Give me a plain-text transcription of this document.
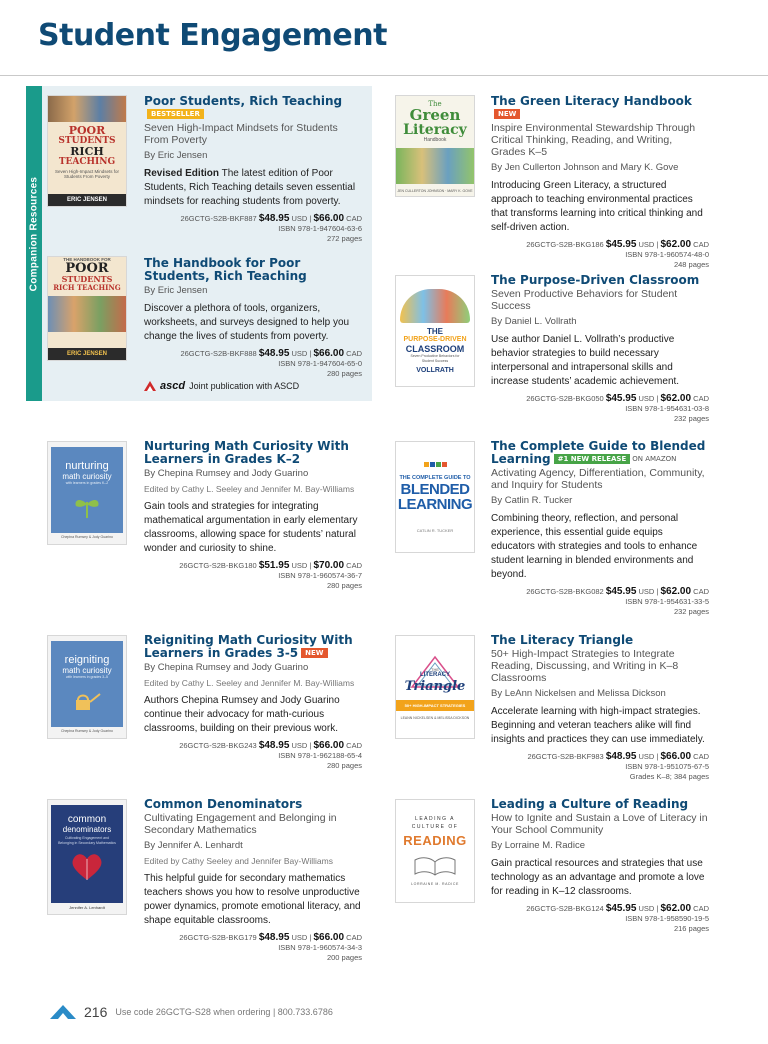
Student Engagement
Companion Resources
POOR
STUDENTS
RICH
TEACHING
Seven High-Impact Mindsets for Students From Poverty
ERIC JENSEN
Poor Students, Rich TeachingBESTSELLER
Seven High-Impact Mindsets for Students From Poverty
By Eric Jensen
Revised Edition The latest edition of Poor Students, Rich Teaching details seven essential mindsets for reaching students from poverty.
26GCTG-S2B-BKF887 $48.95 USD | $66.00 CAD
ISBN 978-1-947604-63-6
272 pages
THE HANDBOOK FOR
POOR
STUDENTS
RICH TEACHING
ERIC JENSEN
The Handbook for Poor Students, Rich Teaching
By Eric Jensen
Discover a plethora of tools, organizers, worksheets, and surveys designed to help you change the lives of students from poverty.
26GCTG-S2B-BKF888 $48.95 USD | $66.00 CAD
ISBN 978-1-947604-65-0
280 pages
ascd Joint publication with ASCD
The
Green
Literacy
Handbook
JEN CULLERTON JOHNSON · MARY K. GOVE
The Green Literacy HandbookNEW
Inspire Environmental Stewardship Through Critical Thinking, Reading, and Writing, Grades K–5
By Jen Cullerton Johnson and Mary K. Gove
Introducing Green Literacy, a structured approach to teaching environmental practices that transforms learning into critical thinking and self-driven action.
26GCTG-S2B-BKG186 $45.95 USD | $62.00 CAD
ISBN 978-1-960574-48-0
248 pages
THE
PURPOSE-DRIVEN
CLASSROOM
Seven Productive Behaviors for Student Success
VOLLRATH
The Purpose-Driven Classroom
Seven Productive Behaviors for Student Success
By Daniel L. Vollrath
Use author Daniel L. Vollrath’s productive behavior strategies to build necessary interpersonal and intrapersonal skills and increase students’ academic achievement.
26GCTG-S2B-BKG050 $45.95 USD | $62.00 CAD
ISBN 978-1-954631-03-8
232 pages
nurturing
math curiosity
with learners in grades K–2
Chepina Rumsey & Jody Guarino
Nurturing Math Curiosity With Learners in Grades K–2
By Chepina Rumsey and Jody Guarino
Edited by Cathy L. Seeley and Jennifer M. Bay-Williams
Gain tools and strategies for integrating mathematical argumentation in early elementary classrooms, allowing space for students’ natural wonder and curiosity to shine.
26GCTG-S2B-BKG180 $51.95 USD | $70.00 CAD
ISBN 978-1-960574-36-7
280 pages
THE COMPLETE GUIDE TO
BLENDED
LEARNING
CATLIN R. TUCKER
The Complete Guide to Blended Learning #1 NEW RELEASE ON AMAZON
Activating Agency, Differentiation, Community, and Inquiry for Students
By Catlin R. Tucker
Combining theory, reflection, and personal experience, this essential guide equips educators with strategies and tools to enhance student learning in blended environments and beyond.
26GCTG-S2B-BKG082 $45.95 USD | $62.00 CAD
ISBN 978-1-954631-33-5
232 pages
reigniting
math curiosity
with learners in grades 3–5
Chepina Rumsey & Jody Guarino
Reigniting Math Curiosity With Learners in Grades 3-5 NEW
By Chepina Rumsey and Jody Guarino
Edited by Cathy L. Seeley and Jennifer M. Bay-Williams
Authors Chepina Rumsey and Jody Guarino continue their advocacy for math-curious classrooms, building on their previous work.
26GCTG-S2B-BKG243 $48.95 USD | $66.00 CAD
ISBN 978-1-962188-65-4
280 pages
THE
LITERACY
Triangle
50+ HIGH-IMPACT STRATEGIES
LEANN NICKELSEN & MELISSA DICKSON
The Literacy Triangle
50+ High-Impact Strategies to Integrate Reading, Discussing, and Writing in K–8 Classrooms
By LeAnn Nickelsen and Melissa Dickson
Accelerate learning with high-impact strategies. Beginning and veteran teachers alike will find insights and practices they can use immediately.
26GCTG-S2B-BKF983 $48.95 USD | $66.00 CAD
ISBN 978-1-951075-67-5
Grades K–8; 384 pages
common
denominators
Cultivating Engagement and Belonging in Secondary Mathematics
Jennifer A. Lenhardt
Common Denominators
Cultivating Engagement and Belonging in Secondary Mathematics
By Jennifer A. Lenhardt
Edited by Cathy Seeley and Jennifer Bay-Williams
This helpful guide for secondary mathematics teachers shows you how to resolve unproductive power dynamics, promote emotional literacy, and shape equitable classrooms.
26GCTG-S2B-BKG179 $48.95 USD | $66.00 CAD
ISBN 978-1-960574-34-3
200 pages
LEADING A
CULTURE OF
READING
LORRAINE M. RADICE
Leading a Culture of Reading
How to Ignite and Sustain a Love of Literacy in Your School Community
By Lorraine M. Radice
Gain practical resources and strategies that use technology as an advantage and promote a love for reading in K–12 classrooms.
26GCTG-S2B-BKG124 $45.95 USD | $62.00 CAD
ISBN 978-1-958590-19-5
216 pages
216 Use code 26GCTG-S28 when ordering | 800.733.6786
